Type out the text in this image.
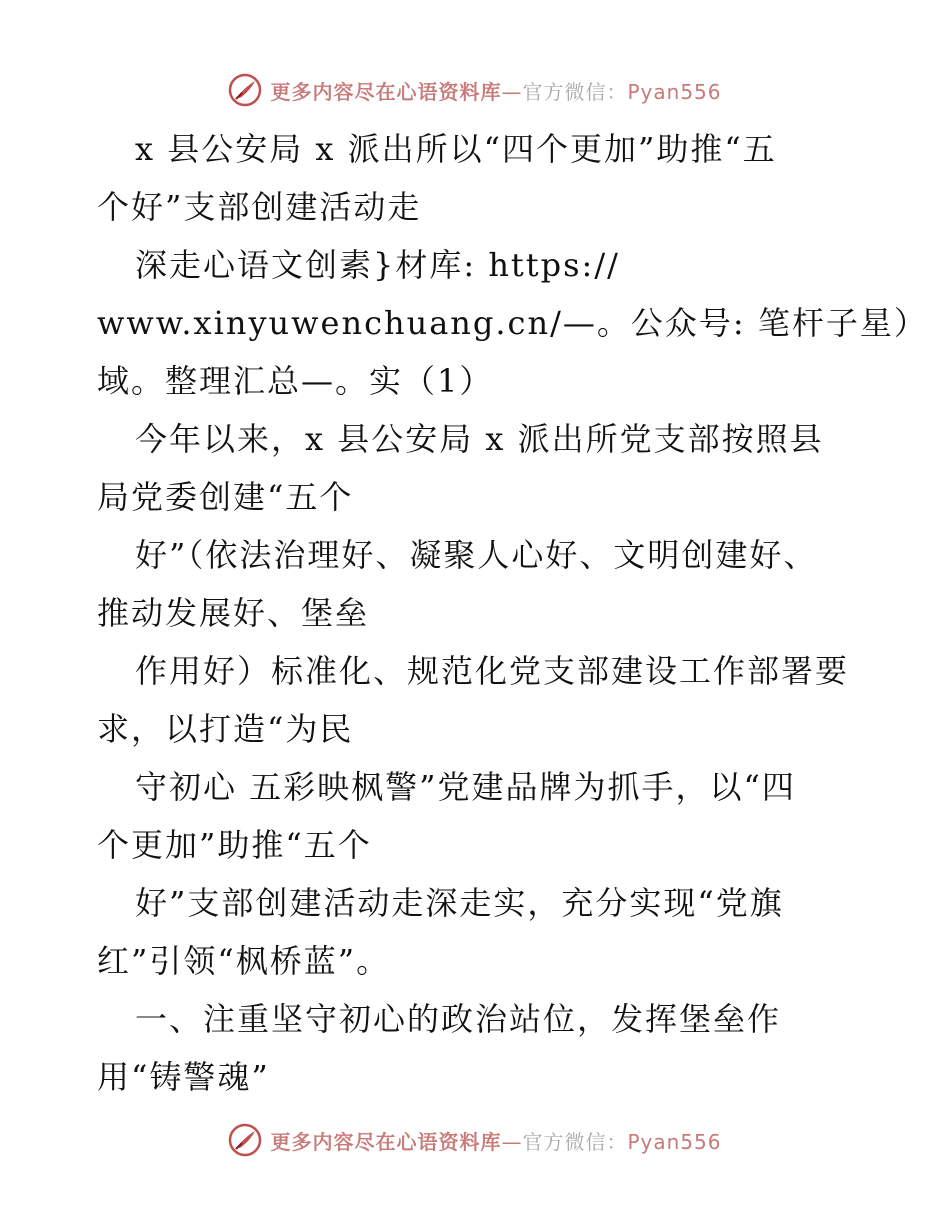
更多内容尽在心语资料库—官方微信：Pyan556
x 县公安局 x 派出所以“四个更加”助推“五
个好”支部创建活动走
深走心语文创素}材库: https://
www.xinyuwenchuang.cn/—。公众号: 笔杆子星）
域。整理汇总—。实（1）
今年以来，x 县公安局 x 派出所党支部按照县
局党委创建“五个
好”（依法治理好、凝聚人心好、文明创建好、
推动发展好、堡垒
作用好）标准化、规范化党支部建设工作部署要
求，以打造“为民
守初心 五彩映枫警”党建品牌为抓手，以“四
个更加”助推“五个
好”支部创建活动走深走实，充分实现“党旗
红”引领“枫桥蓝”。
一、注重坚守初心的政治站位，发挥堡垒作
用“铸警魂”
更多内容尽在心语资料库—官方微信：Pyan556
